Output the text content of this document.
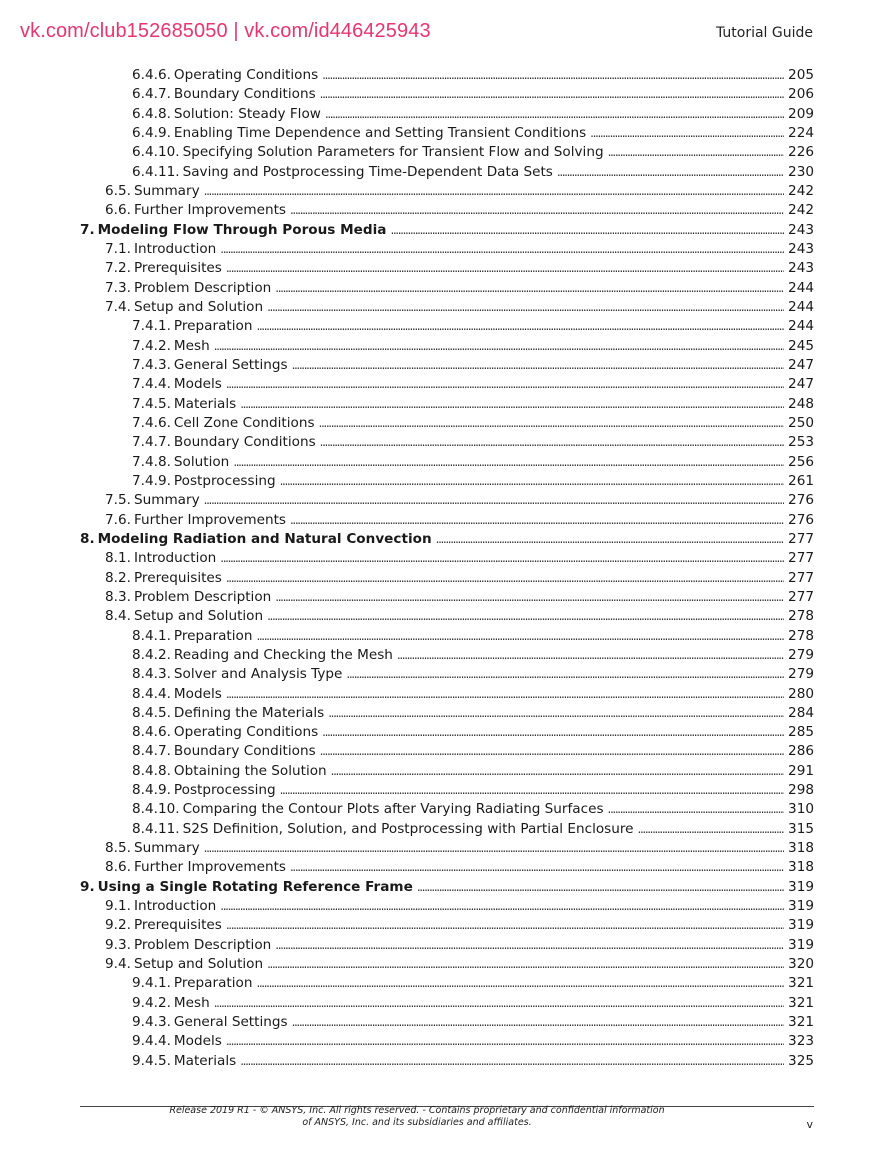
vk.com/club152685050 | vk.com/id446425943	Tutorial Guide
6.4.6. Operating Conditions . . .	205
6.4.7. Boundary Conditions . . .	206
6.4.8. Solution: Steady Flow . . .	209
6.4.9. Enabling Time Dependence and Setting Transient Conditions . . .	224
6.4.10. Specifying Solution Parameters for Transient Flow and Solving . . .	226
6.4.11. Saving and Postprocessing Time-Dependent Data Sets . . .	230
6.5. Summary . . .	242
6.6. Further Improvements . . .	242
7. Modeling Flow Through Porous Media . . .	243
7.1. Introduction . . .	243
7.2. Prerequisites . . .	243
7.3. Problem Description . . .	244
7.4. Setup and Solution . . .	244
7.4.1. Preparation . . .	244
7.4.2. Mesh . . .	245
7.4.3. General Settings . . .	247
7.4.4. Models . . .	247
7.4.5. Materials . . .	248
7.4.6. Cell Zone Conditions . . .	250
7.4.7. Boundary Conditions . . .	253
7.4.8. Solution . . .	256
7.4.9. Postprocessing . . .	261
7.5. Summary . . .	276
7.6. Further Improvements . . .	276
8. Modeling Radiation and Natural Convection . . .	277
8.1. Introduction . . .	277
8.2. Prerequisites . . .	277
8.3. Problem Description . . .	277
8.4. Setup and Solution . . .	278
8.4.1. Preparation . . .	278
8.4.2. Reading and Checking the Mesh . . .	279
8.4.3. Solver and Analysis Type . . .	279
8.4.4. Models . . .	280
8.4.5. Defining the Materials . . .	284
8.4.6. Operating Conditions . . .	285
8.4.7. Boundary Conditions . . .	286
8.4.8. Obtaining the Solution . . .	291
8.4.9. Postprocessing . . .	298
8.4.10. Comparing the Contour Plots after Varying Radiating Surfaces . . .	310
8.4.11. S2S Definition, Solution, and Postprocessing with Partial Enclosure . . .	315
8.5. Summary . . .	318
8.6. Further Improvements . . .	318
9. Using a Single Rotating Reference Frame . . .	319
9.1. Introduction . . .	319
9.2. Prerequisites . . .	319
9.3. Problem Description . . .	319
9.4. Setup and Solution . . .	320
9.4.1. Preparation . . .	321
9.4.2. Mesh . . .	321
9.4.3. General Settings . . .	321
9.4.4. Models . . .	323
9.4.5. Materials . . .	325
Release 2019 R1 - © ANSYS, Inc. All rights reserved. - Contains proprietary and confidential information
of ANSYS, Inc. and its subsidiaries and affiliates.	v
